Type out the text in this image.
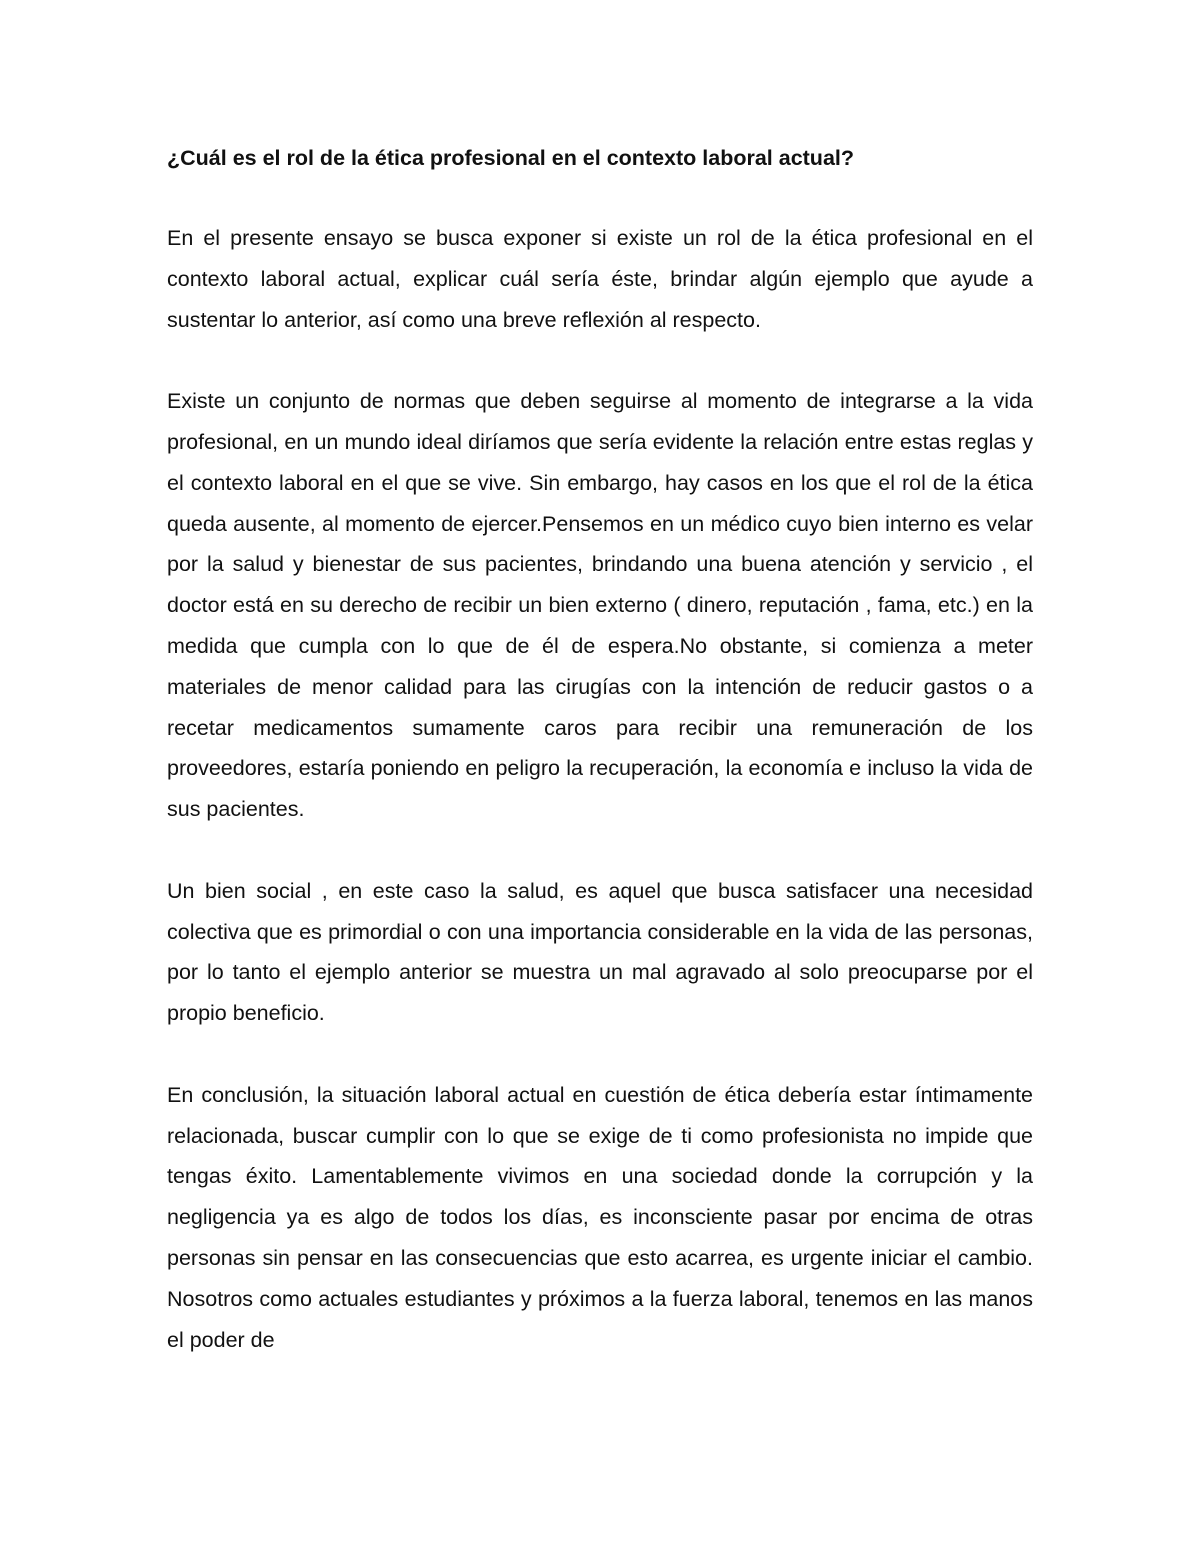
¿Cuál es el rol de la ética profesional en el contexto laboral actual?

En el presente ensayo se busca exponer si existe un rol de la ética profesional en el contexto laboral actual, explicar cuál sería éste, brindar algún ejemplo que ayude a sustentar lo anterior, así como una breve reflexión al respecto.

Existe un conjunto de normas que deben seguirse al momento de integrarse a la vida profesional, en un mundo ideal diríamos que sería evidente la relación entre estas reglas y el contexto laboral en el que se vive. Sin embargo, hay casos en los que el rol de la ética queda ausente, al momento de ejercer.Pensemos en un médico cuyo bien interno es velar por la salud y bienestar de sus pacientes, brindando una buena atención y servicio , el doctor está en su derecho de recibir un bien externo ( dinero, reputación , fama, etc.) en la medida que cumpla con lo que de él de espera.No obstante, si comienza a meter materiales de menor calidad para las cirugías con la intención de reducir gastos o a recetar medicamentos sumamente caros para recibir una remuneración de los proveedores, estaría poniendo en peligro la recuperación, la economía e incluso la vida de sus pacientes.

Un bien social , en este caso la salud, es aquel que busca satisfacer una necesidad colectiva que es primordial o con una importancia considerable en la vida de las personas, por lo tanto el ejemplo anterior se muestra un mal agravado al solo preocuparse por el propio beneficio.

En conclusión, la situación laboral actual en cuestión de ética debería estar íntimamente relacionada, buscar cumplir con lo que se exige de ti como profesionista no impide que tengas éxito. Lamentablemente vivimos en una sociedad donde la corrupción y la negligencia ya es algo de todos los días, es inconsciente pasar por encima de otras personas sin pensar en las consecuencias que esto acarrea, es urgente iniciar el cambio. Nosotros como actuales estudiantes y próximos a la fuerza laboral, tenemos en las manos el poder de
